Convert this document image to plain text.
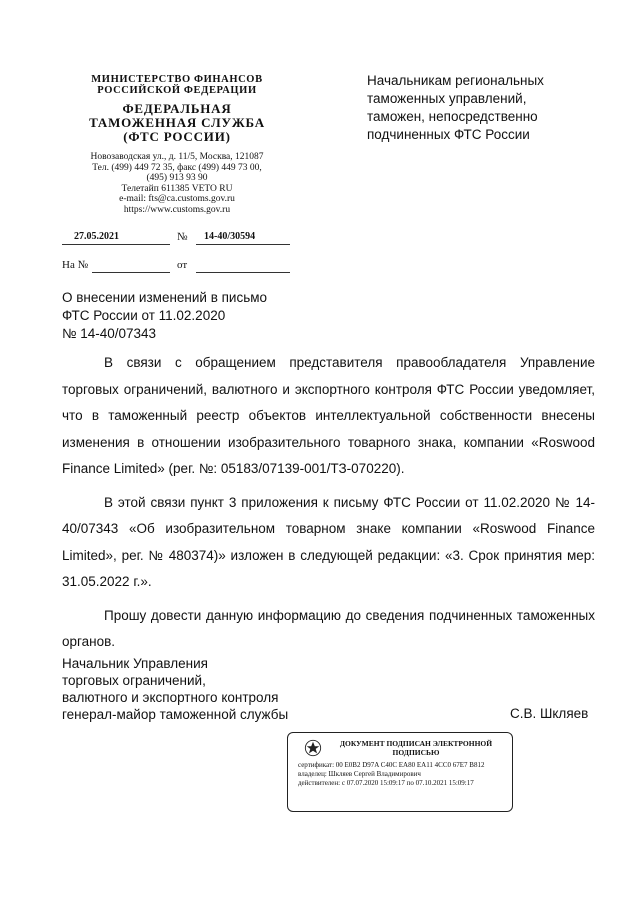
МИНИСТЕРСТВО ФИНАНСОВ
РОССИЙСКОЙ ФЕДЕРАЦИИ
ФЕДЕРАЛЬНАЯ
ТАМОЖЕННАЯ СЛУЖБА
(ФТС РОССИИ)
Новозаводская ул., д. 11/5, Москва, 121087
Тел. (499) 449 72 35, факс (499) 449 73 00,
(495) 913 93 90
Телетайп 611385 VETO RU
e-mail: fts@ca.customs.gov.ru
https://www.customs.gov.ru
27.05.2021	№ 14-40/30594
На №	от
Начальникам региональных
таможенных управлений,
таможен, непосредственно
подчиненных ФТС России
О внесении изменений в письмо
ФТС России от 11.02.2020
№ 14-40/07343

В связи с обращением представителя правообладателя Управление торговых ограничений, валютного и экспортного контроля ФТС России уведомляет, что в таможенный реестр объектов интеллектуальной собственности внесены изменения в отношении изобразительного товарного знака, компании «Roswood Finance Limited» (рег. №: 05183/07139-001/ТЗ-070220).

В этой связи пункт 3 приложения к письму ФТС России от 11.02.2020 № 14-40/07343 «Об изобразительном товарном знаке компании «Roswood Finance Limited», рег. № 480374)» изложен в следующей редакции: «3. Срок принятия мер: 31.05.2022 г.».

Прошу довести данную информацию до сведения подчиненных таможенных органов.

Начальник Управления
торговых ограничений,
валютного и экспортного контроля
генерал-майор таможенной службы	С.В. Шкляев
ДОКУМЕНТ ПОДПИСАН ЭЛЕКТРОННОЙ
ПОДПИСЬЮ
сертификат: 00 E0B2 D97A C40C EA80 EA11 4CC0 67E7 B812
владелец: Шкляев Сергей Владимирович
действителен: с 07.07.2020 15:09:17 по 07.10.2021 15:09:17
